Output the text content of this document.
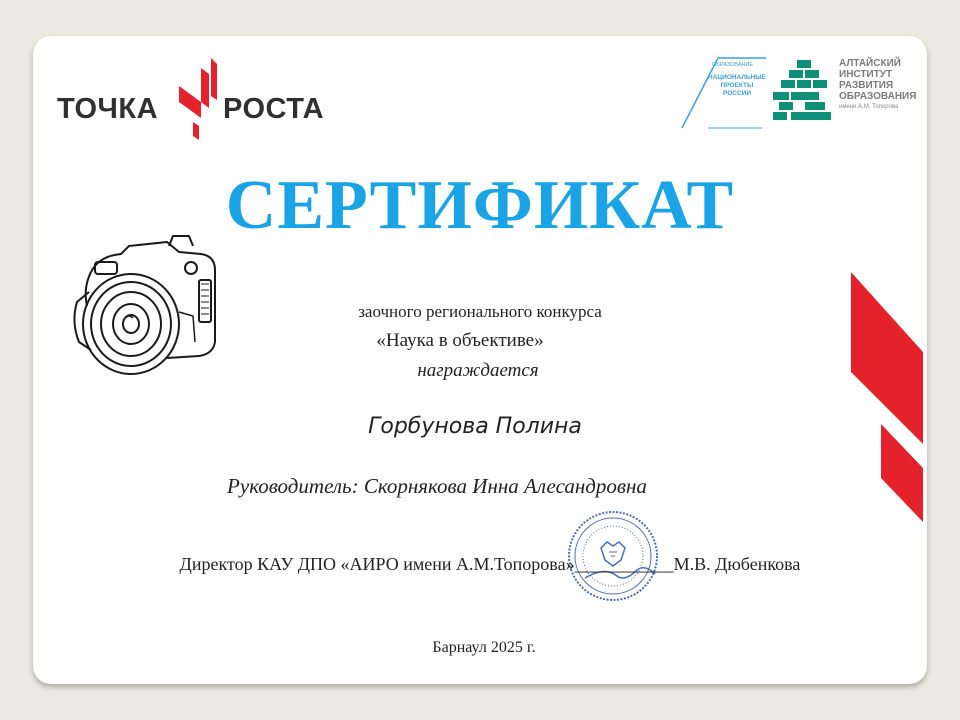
ТОЧКА РОСТА
ОБРАЗОВАНИЕ
НАЦИОНАЛЬНЫЕ
ПРОЕКТЫ
РОССИИ
АЛТАЙСКИЙ
ИНСТИТУТ
РАЗВИТИЯ
ОБРАЗОВАНИЯ
имени А.М. Топорова
СЕРТИФИКАТ
заочного регионального конкурса
«Наука в объективе»
награждается
Горбунова Полина
Руководитель: Скорнякова Инна Алесандровна
Директор КАУ ДПО «АИРО имени А.М.Топорова»___________М.В. Дюбенкова
Барнаул 2025 г.
